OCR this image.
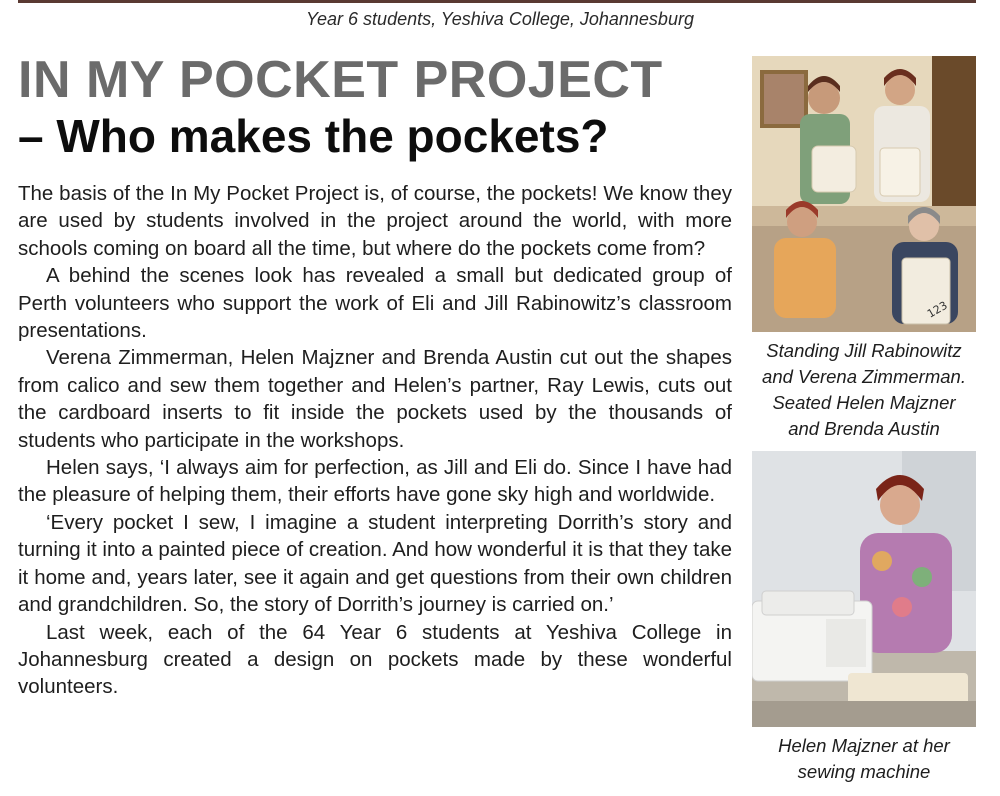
Year 6 students, Yeshiva College, Johannesburg
IN MY POCKET PROJECT
– Who makes the pockets?

The basis of the In My Pocket Project is, of course, the pockets! We know they are used by students involved in the project around the world, with more schools coming on board all the time, but where do the pockets come from?

A behind the scenes look has revealed a small but dedicated group of Perth volunteers who support the work of Eli and Jill Rabinowitz’s classroom presentations.

Verena Zimmerman, Helen Majzner and Brenda Austin cut out the shapes from calico and sew them together and Helen’s partner, Ray Lewis, cuts out the cardboard inserts to fit inside the pockets used by the thousands of students who participate in the workshops.

Helen says, ‘I always aim for perfection, as Jill and Eli do. Since I have had the pleasure of helping them, their efforts have gone sky high and worldwide.

‘Every pocket I sew, I imagine a student interpreting Dorrith’s story and turning it into a painted piece of creation. And how wonderful it is that they take it home and, years later, see it again and get questions from their own children and grandchildren. So, the story of Dorrith’s journey is carried on.’

Last week, each of the 64 Year 6 students at Yeshiva College in Johannesburg created a design on pockets made by these wonderful volunteers.

123
Standing Jill Rabinowitz
and Verena Zimmerman.
Seated Helen Majzner
and Brenda Austin
Helen Majzner at her
sewing machine
